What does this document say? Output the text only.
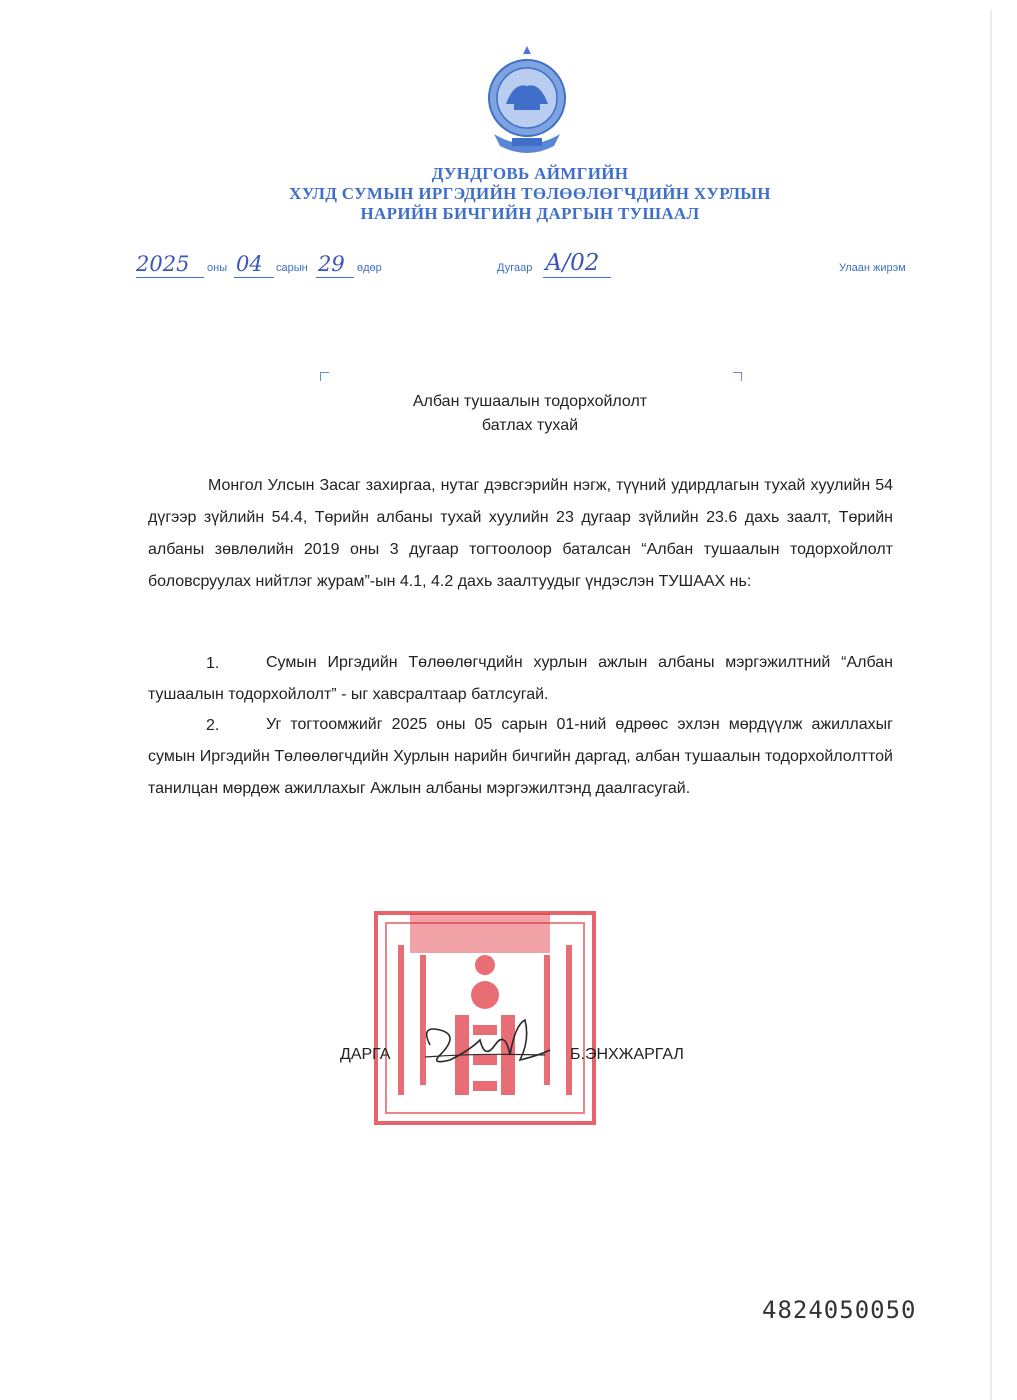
ДУНДГОВЬ АЙМГИЙН
ХУЛД СУМЫН ИРГЭДИЙН ТӨЛӨӨЛӨГЧДИЙН ХУРЛЫН
НАРИЙН БИЧГИЙН ДАРГЫН ТУШААЛ
2025 оны 04 сарын 29 өдөр	Дугаар А/02	Улаан жирэм
Албан тушаалын тодорхойлолт
батлах тухай
Монгол Улсын Засаг захиргаа, нутаг дэвсгэрийн нэгж, түүний удирдлагын тухай хуулийн 54 дүгээр зүйлийн 54.4, Төрийн албаны тухай хуулийн 23 дугаар зүйлийн 23.6 дахь заалт, Төрийн албаны зөвлөлийн 2019 оны 3 дугаар тогтоолоор баталсан “Албан тушаалын тодорхойлолт боловсруулах нийтлэг журам”-ын 4.1, 4.2 дахь заалтуудыг үндэслэн ТУШААХ нь:
1.	Сумын Иргэдийн Төлөөлөгчдийн хурлын ажлын албаны мэргэжилтний “Албан тушаалын тодорхойлолт” - ыг хавсралтаар батлсугай.
2.	Уг тогтоомжийг 2025 оны 05 сарын 01-ний өдрөөс эхлэн мөрдүүлж ажиллахыг сумын Иргэдийн Төлөөлөгчдийн Хурлын нарийн бичгийн даргад, албан тушаалын тодорхойлолттой танилцан мөрдөж ажиллахыг Ажлын албаны мэргэжилтэнд даалгасугай.
ДАРГА	Б.ЭНХЖАРГАЛ
4824050050
